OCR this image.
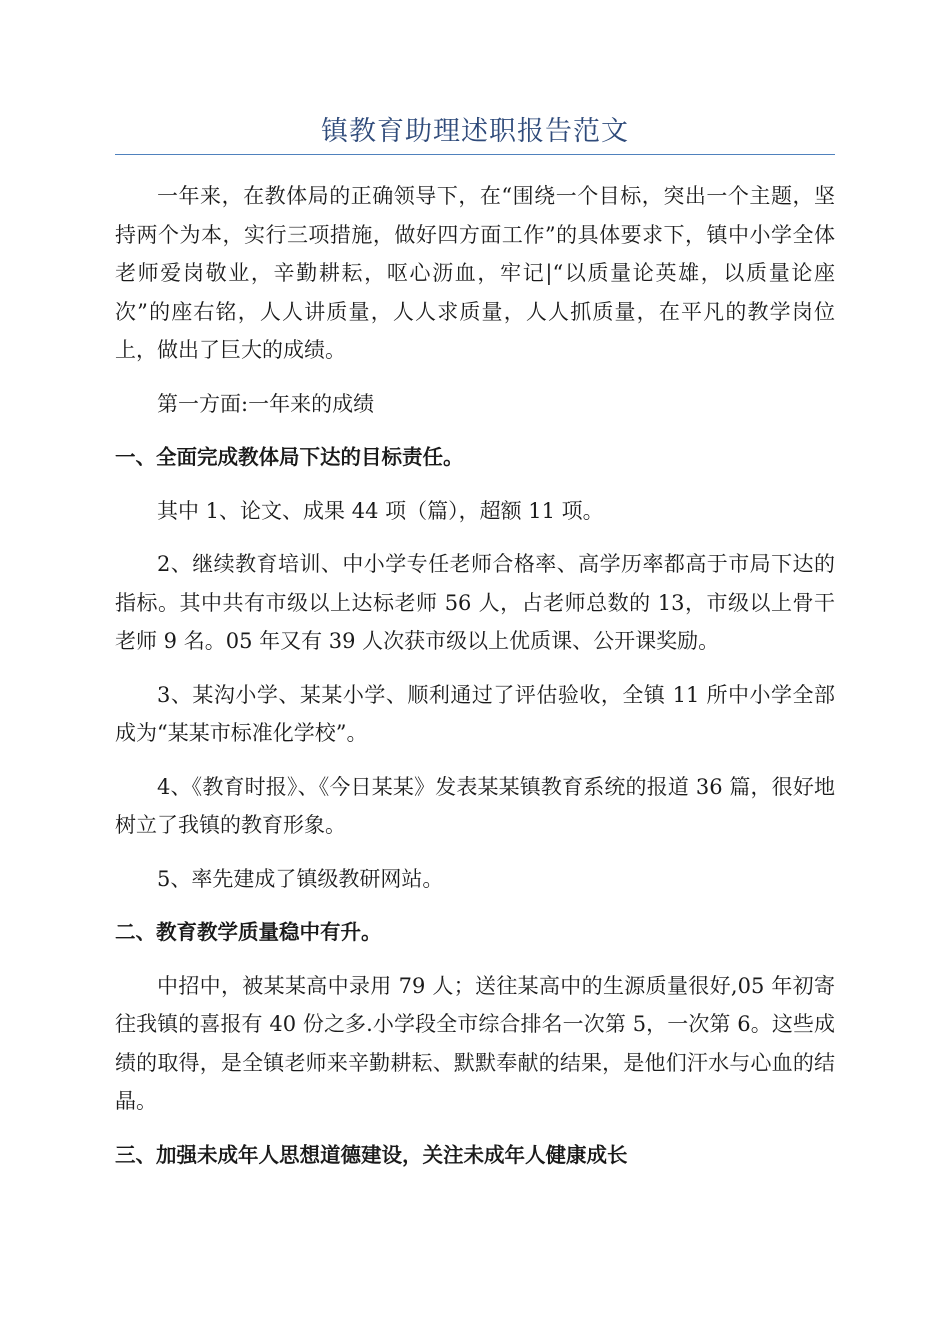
镇教育助理述职报告范文

一年来，在教体局的正确领导下，在“围绕一个目标，突出一个主题，坚持两个为本，实行三项措施，做好四方面工作”的具体要求下，镇中小学全体老师爱岗敬业，辛勤耕耘，呕心沥血，牢记|“以质量论英雄，以质量论座次”的座右铭，人人讲质量，人人求质量，人人抓质量，在平凡的教学岗位上，做出了巨大的成绩。

第一方面:一年来的成绩

一、全面完成教体局下达的目标责任。

其中 1、论文、成果 44 项（篇），超额 11 项。

2、继续教育培训、中小学专任老师合格率、高学历率都高于市局下达的指标。其中共有市级以上达标老师 56 人，占老师总数的 13，市级以上骨干老师 9 名。05 年又有 39 人次获市级以上优质课、公开课奖励。

3、某沟小学、某某小学、顺利通过了评估验收，全镇 11 所中小学全部成为“某某市标准化学校”。

4、《教育时报》、《今日某某》发表某某镇教育系统的报道 36 篇，很好地树立了我镇的教育形象。

5、率先建成了镇级教研网站。

二、教育教学质量稳中有升。

中招中，被某某高中录用 79 人；送往某高中的生源质量很好,05 年初寄往我镇的喜报有 40 份之多.小学段全市综合排名一次第 5，一次第 6。这些成绩的取得，是全镇老师来辛勤耕耘、默默奉献的结果，是他们汗水与心血的结晶。

三、加强未成年人思想道德建设，关注未成年人健康成长
